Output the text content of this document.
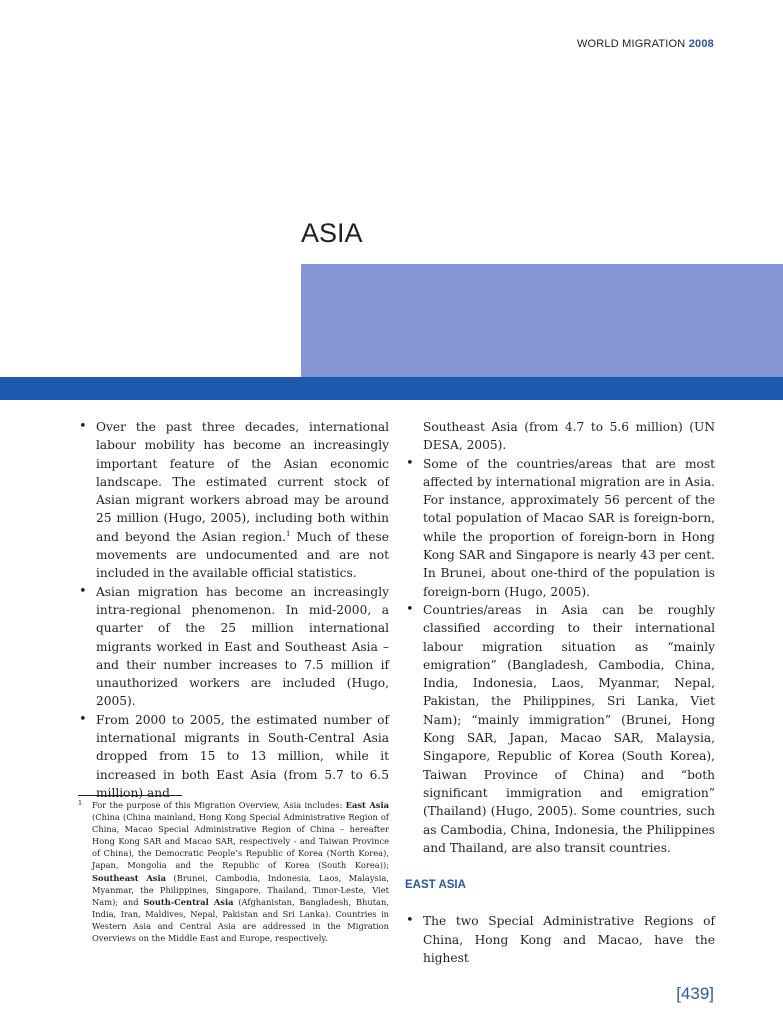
WORLD MIGRATION 2008
ASIA
• Over the past three decades, international labour mobility has become an increasingly important feature of the Asian economic landscape. The estimated current stock of Asian migrant workers abroad may be around 25 million (Hugo, 2005), including both within and beyond the Asian region.$^1$ Much of these movements are undocumented and are not included in the available official statistics.
• Asian migration has become an increasingly intra-regional phenomenon. In mid-2000, a quarter of the 25 million international migrants worked in East and Southeast Asia – and their number increases to 7.5 million if unauthorized workers are included (Hugo, 2005).
• From 2000 to 2005, the estimated number of international migrants in South-Central Asia dropped from 15 to 13 million, while it increased in both East Asia (from 5.7 to 6.5 million) and
Southeast Asia (from 4.7 to 5.6 million) (UN DESA, 2005).
• Some of the countries/areas that are most affected by international migration are in Asia. For instance, approximately 56 percent of the total population of Macao SAR is foreign-born, while the proportion of foreign-born in Hong Kong SAR and Singapore is nearly 43 per cent. In Brunei, about one-third of the population is foreign-born (Hugo, 2005).
• Countries/areas in Asia can be roughly classified according to their international labour migration situation as “mainly emigration” (Bangladesh, Cambodia, China, India, Indonesia, Laos, Myanmar, Nepal, Pakistan, the Philippines, Sri Lanka, Viet Nam); “mainly immigration” (Brunei, Hong Kong SAR, Japan, Macao SAR, Malaysia, Singapore, Republic of Korea (South Korea), Taiwan Province of China) and “both significant immigration and emigration” (Thailand) (Hugo, 2005). Some countries, such as Cambodia, China, Indonesia, the Philippines and Thailand, are also transit countries.
EAST ASIA
• The two Special Administrative Regions of China, Hong Kong and Macao, have the highest
1	For the purpose of this Migration Overview, Asia includes: East Asia (China (China mainland, Hong Kong Special Administrative Region of China, Macao Special Administrative Region of China – hereafter Hong Kong SAR and Macao SAR, respectively - and Taiwan Province of China), the Democratic People’s Republic of Korea (North Korea), Japan, Mongolia and the Republic of Korea (South Korea)); Southeast Asia (Brunei, Cambodia, Indonesia, Laos, Malaysia, Myanmar, the Philippines, Singapore, Thailand, Timor-Leste, Viet Nam); and South-Central Asia (Afghanistan, Bangladesh, Bhutan, India, Iran, Maldives, Nepal, Pakistan and Sri Lanka). Countries in Western Asia and Central Asia are addressed in the Migration Overviews on the Middle East and Europe, respectively.
[439]
